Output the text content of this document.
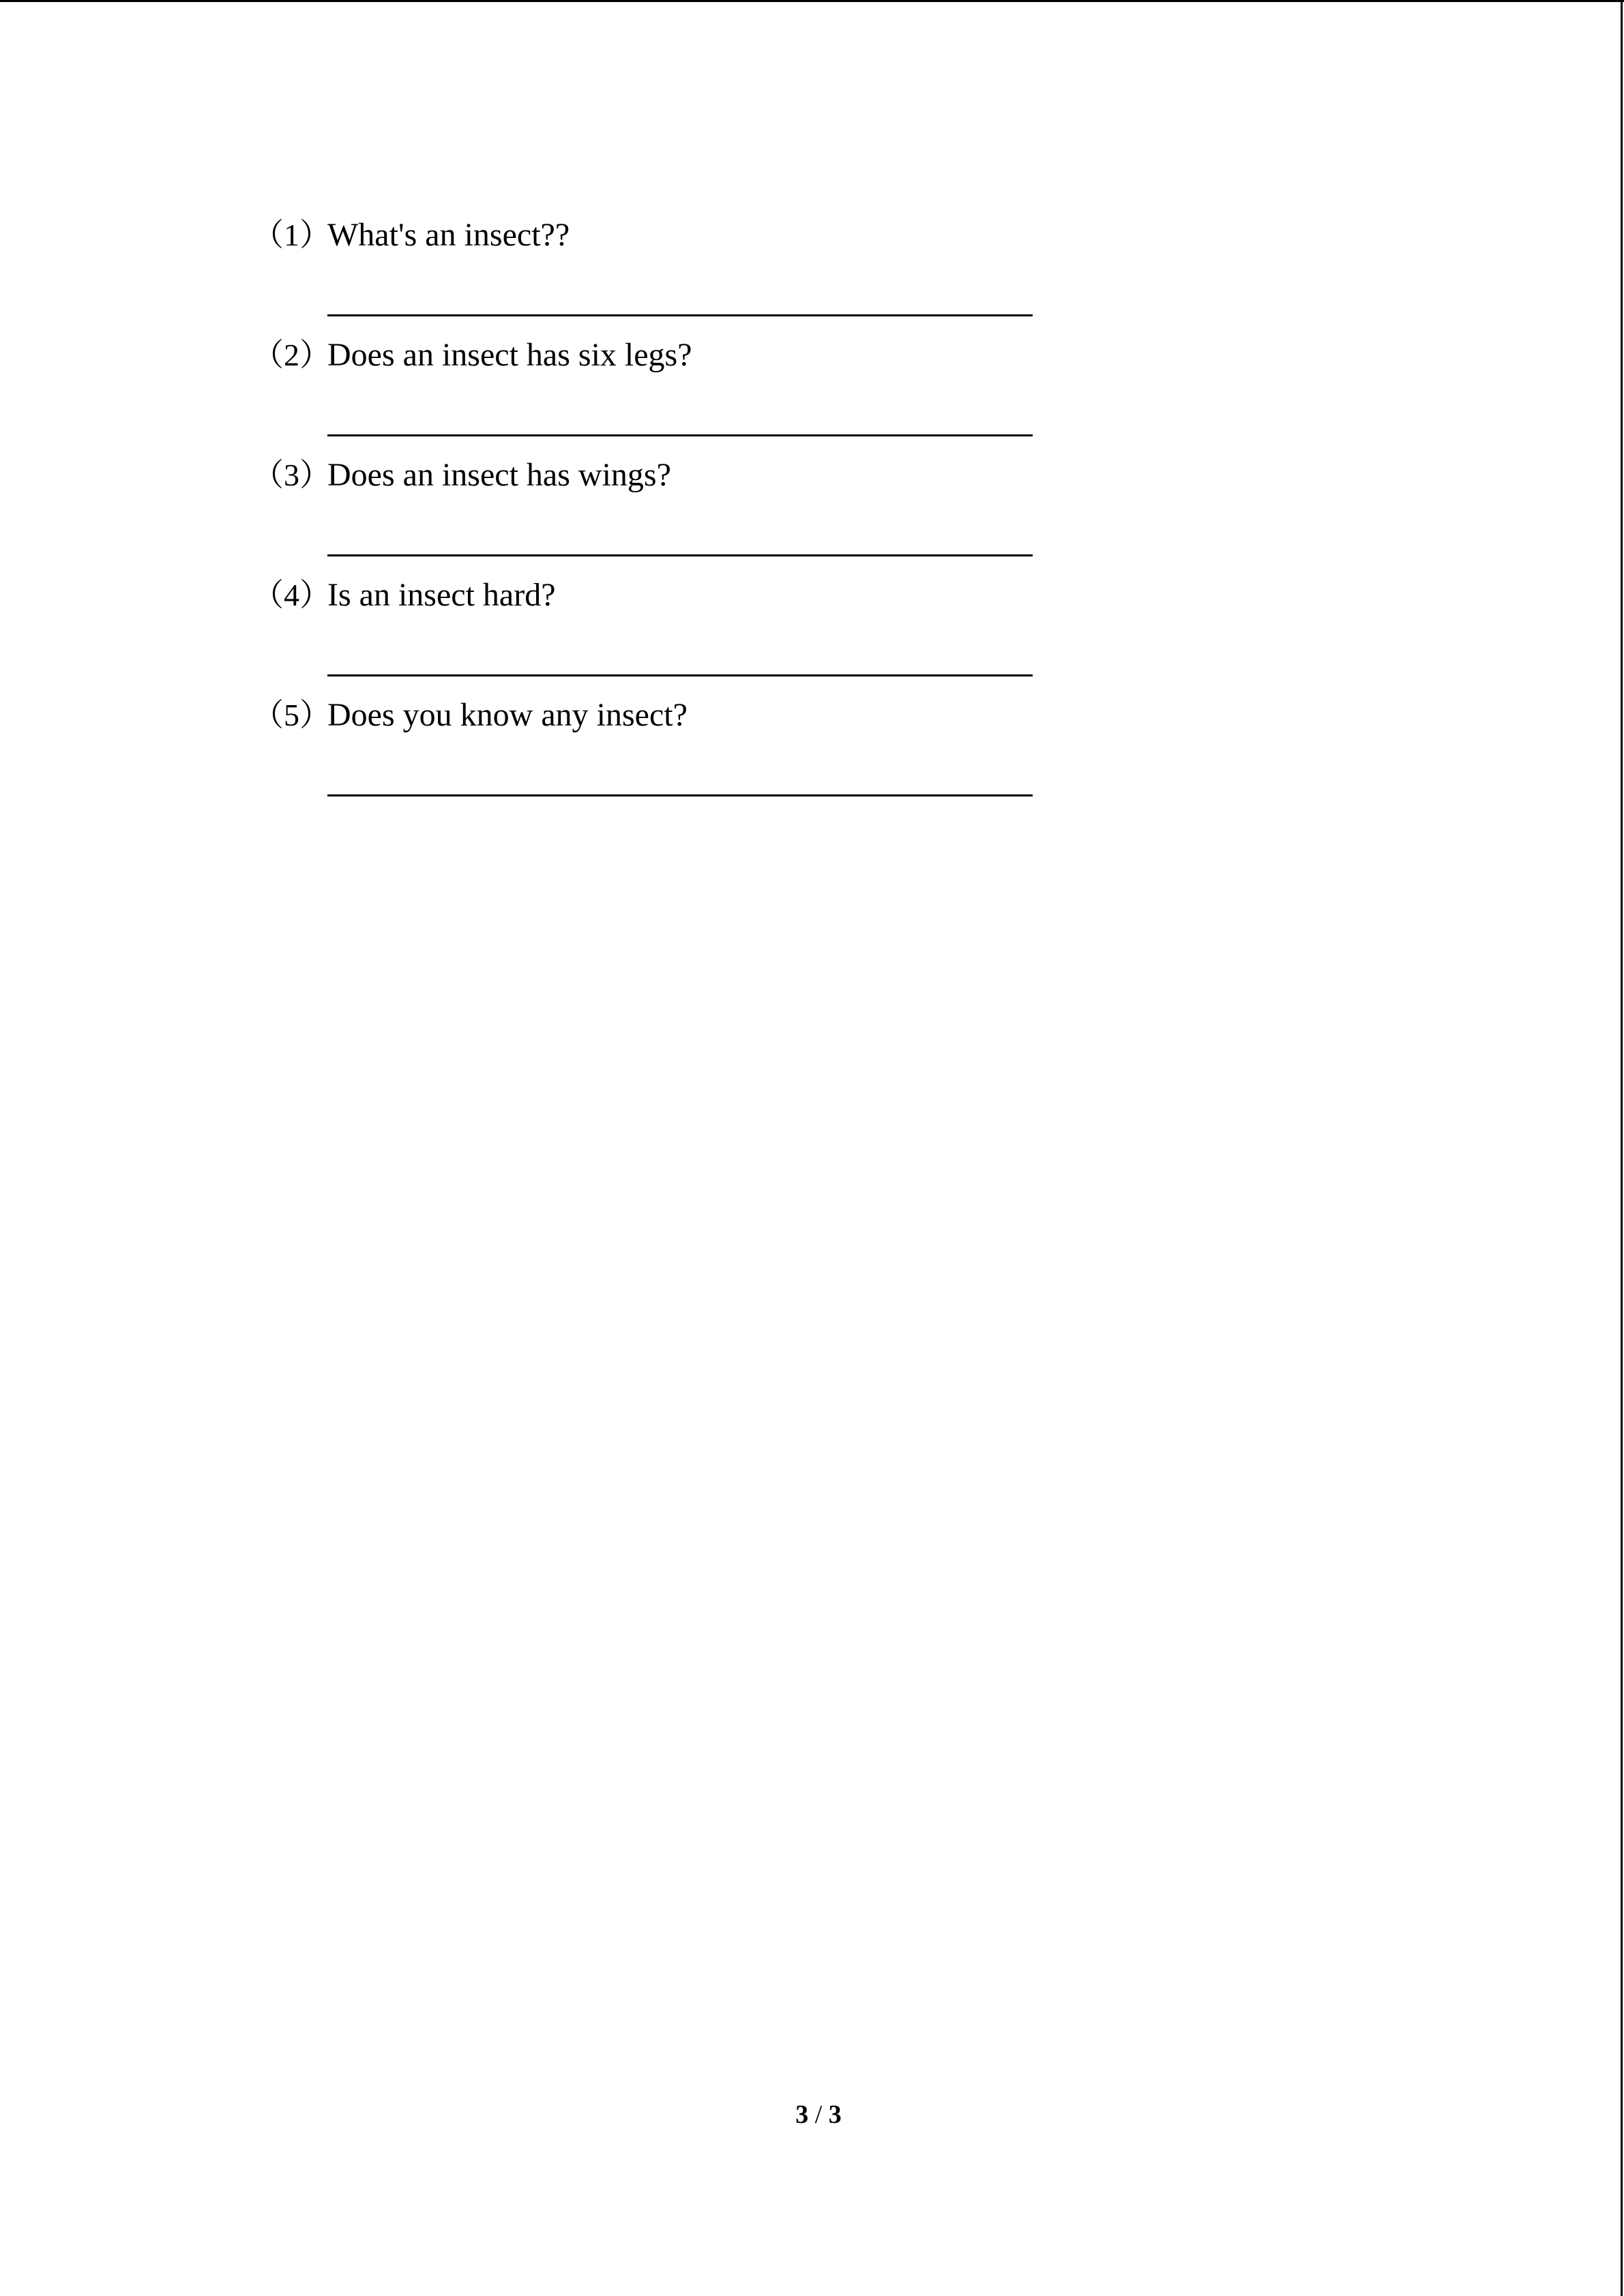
（1）
What's an insect??
（2）
Does an insect has six legs?
（3）
Does an insect has wings?
（4）
Is an insect hard?
（5）
Does you know any insect?
3 / 3
